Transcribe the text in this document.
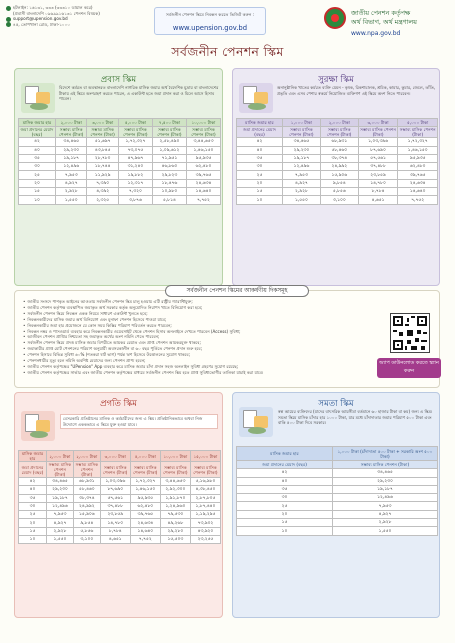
হটলাইন: ১৬১৩১, ৩৩৩ (৩৩৩১০ ডায়াল করে)
(প্রবাসী বাংলাদেশি ০৯৬৯৯১৬১৩১ পেনশন বিষয়ক)
support@upension.gov.bd
৪৫, তোপখানা রোড, ঢাকা-১০০০
সর্বজনীন পেনশন স্কিমে নিবন্ধন করতে ভিজিট করুন :
www.upension.gov.bd
জাতীয় পেনশন কর্তৃপক্ষ
অর্থ বিভাগ, অর্থ মন্ত্রণালয়
www.npa.gov.bd
সর্বজনীন পেনশন স্কিম
প্রবাস স্কিম
বিদেশে কর্মরত বা অবস্থানরত বাংলাদেশি নাগরিক মাসিক জমার অর্থ বৈদেশিক মুদ্রায় বা বাংলাদেশের টাকায় এই স্কিমে অংশগ্রহণ করতে পারেন, এ একাউন্ট হতে জমা প্রদান করা ও মিলে আসে হিসাব পাবেন।
মাসিক জমার হার	২,০০০ টাকা	৩,০০০ টাকা	৫,০০০ টাকা	৭,৫০০ টাকা	১০,০০০ টাকা
জমা প্রদানের মেয়াদ (বছর)	সম্ভাব্য মাসিক পেনশন (টাকা)	সম্ভাব্য মাসিক পেনশন (টাকা)	সম্ভাব্য মাসিক পেনশন (টাকা)	সম্ভাব্য মাসিক পেনশন (টাকা)	সম্ভাব্য মাসিক পেনশন (টাকা)
৪২	৩৪,৪৬৫	৫১,৬৯৭	১,৭২,৩২৭	২,৫৮,৪৯০	৩,৪৪,৬৫৩
৪০	২৯,২৩০	৪৩,৮৪৫	৭৩,০৭৫	১,০৯,৬১২	১,৪৬,১৫০
৩৫	১৯,১৮৭	২৮,৭৮০	৪৭,৯৬৭	৭১,৯৫১	৯৫,৯৩৫
৩০	১২,৪৯৬	১৮,৭৪৪	৩১,২৪০	৪৬,৮৬০	৬২,৪৮০
২৫	৭,৯৫৩	১১,৯২৯	১৯,৮৮২	২৯,৮২৩	৩৯,৭৬৫
২০	৪,৯২৭	৭,৩৯০	১২,৩১৭	১৮,৪৭৬	২৪,৬৩৪
১৫	২,৯২৮	৪,৩৯২	৭,৩২০	১০,৯৮০	১৪,৬৪০
১০	১,৫৫০	২,৩২৫	৩,৮৭৬	৫,৮১৪	৭,৭৫২
সুরক্ষা স্কিম
অনানুষ্ঠানিক খাতের কর্মরত ব্যক্তি যেমন - কৃষক, রিকশাচালক, শ্রমিক, কামার, কুমার, জেলে, তাঁতি, প্রভৃতি এবং এসব পেশার স্বকর্মে নিয়োজিত ব্যক্তিগণ এই স্কিমে অংশ নিতে পারবেন।
মাসিক জমার হার	১,০০০ টাকা	২,০০০ টাকা	৩,০০০ টাকা	৫,০০০ টাকা
জমা প্রদানের মেয়াদ (বছর)	সম্ভাব্য মাসিক পেনশন (টাকা)	সম্ভাব্য মাসিক পেনশন (টাকা)	সম্ভাব্য মাসিক পেনশন (টাকা)	সম্ভাব্য মাসিক পেনশন (টাকা)
৪২	৩৪,৪৬৫	৬৮,৯৩১	১,০৩,৩৯৬	১,৭২,৩২৭
৪০	২৯,২৩০	৫৮,৪৬০	৮৭,৬৯০	১,৪৬,১৫০
৩৫	১৯,১৮৭	৩৮,৩৭৪	৫৭,৫৬১	৯৫,৯৩৫
৩০	১২,৪৯৬	২৪,৯৯২	৩৭,৪৮৮	৬২,৪৮০
২৫	৭,৯৫৩	১৫,৯০৬	২৩,৮৫৯	৩৯,৭৬৫
২০	৪,৯২৭	৯,৮৫৪	১৪,৭৮০	২৪,৬৩৪
১৫	২,৯২৮	৫,৮৫৬	৮,৭৮৪	১৪,৬৪০
১০	১,৫৫০	৩,১০০	৪,৬৫১	৭,৭৫২
সর্বজনীন পেনশন স্কিমের আকর্ষণীয় দিকসমূহ
• জাতীয় সংসদে পাশকৃত আইনের আওতায় সর্বজনীন পেনশন স্কিম চালু হওয়ায় এটি রাষ্ট্রীয় গ্যারান্টিযুক্ত;
• জাতীয় পেনশন কর্তৃপক্ষ ব্যবস্থাপিত জমাকৃত অর্থ সরকার কর্তৃক অনুমোদিত নিরাপদ খাতে বিনিয়োগ করা হবে;
• সর্বজনীন পেনশন স্কিমে নিবন্ধন একক নিয়মে সাধারণ একাউন্ট খুলতে হবে;
• নিবন্ধনকারীদের মাসিক জমার অর্থ বিনিয়োগ এবং মুনাফা পেনশন হিসেবে পাওয়া যাবে;
• নিবন্ধনকারীর জমা হার প্রয়োজনে যে কোন সময় কিস্তির পরিমাণ পরিবর্তন করতে পারবেন;
• নিবন্ধন নম্বর ও পাসওয়ার্ড ব্যবহার করে নিবন্ধনকারীর ওয়েবসাইট থেকে পেনশন হিসাব অনলাইনে দেখতে পারবেন (Access) সুবিধা;
• আজীবন পেনশন প্রাপ্তির নিশ্চয়তা সহ জমাকৃত অর্থের অংশ নমিনি পেতে পারবেন;
• সর্বজনীন পেনশন স্কিমে প্রদত্ত মাসিক জমার বিপরীতে আয়কর রেয়াত এবং প্রাপ্ত পেনশন আয়করমুক্ত থাকবে;
• জমাকারীর প্রাপ্ত মোট পেনশনের পরিমাণ অনুযায়ী অবসরকালীন বা ৬০ বছর পূর্তিতে পেনশন প্রদান শুরু হবে;
• পেনশন হিসাবে বিভিন্ন সুবিধা ৬০% (শতকরা ষাট ভাগ) পর্যন্ত ঋণ হিসেবে উত্তোলনের সুযোগ থাকবে;
• পেনশনধারীর মৃত্যু হলে নমিনি অবশিষ্ট মেয়াদের জন্য পেনশন প্রাপ্য হবেন;
• জাতীয় পেনশন কর্তৃপক্ষের "UPension" App ব্যবহার করে মাসিক জমার চাঁদা প্রদান সহজ অনলাইন সুবিধা গ্রহণের সুযোগ রয়েছে;
• জাতীয় পেনশন কর্তৃপক্ষের সার্ভার এবং জাতীয় পেনশন কর্তৃপক্ষের মাধ্যমে সর্বজনীন পেনশন স্কিম হতে প্রাপ্ত সুবিধাভোগীর তালিকা যাচাই করা যাবে।
অ্যাপ ডাউনলোড করতে স্ক্যান করুন
প্রগতি স্কিম
বেসরকারি প্রতিষ্ঠানের মালিক ও কর্মচারীদের জন্য এ স্কিম। প্রতিষ্ঠানিকভাবে অথবা নিজ উদ্যোগে এককভাবে এ স্কিমে যুক্ত হওয়া যাবে।
মাসিক জমার হার	২,০০০ টাকা	২,০০০ টাকা	৩,০০০ টাকা	৫,০০০ টাকা	১০,০০০ টাকা	১৫,০০০ টাকা
জমা প্রদানের মেয়াদ (বছর)	সম্ভাব্য মাসিক পেনশন (টাকা)	সম্ভাব্য মাসিক পেনশন (টাকা)	সম্ভাব্য মাসিক পেনশন (টাকা)	সম্ভাব্য মাসিক পেনশন (টাকা)	সম্ভাব্য মাসিক পেনশন (টাকা)	সম্ভাব্য মাসিক পেনশন (টাকা)
৪২	৩৪,৪৬৫	৬৮,৯৩১	১,০৩,৩৯৬	১,৭২,৩২৭	৩,৪৪,৬৫৩	৫,১৬,৯৮০
৪০	২৯,২৩০	৫৮,৪৬০	৮৭,৬৯০	১,৪৬,১৫০	২,৯২,৩০০	৪,৩৮,৪৫০
৩৫	১৯,১৮৭	৩৮,৩৭৪	৫৭,৫৬১	৯৫,৯৩৫	১,৯১,৮৭০	২,৮৭,৮০৫
৩০	১২,৪৯৬	২৪,৯৯২	৩৭,৪৮৮	৬২,৪৮০	১,২৪,৯৬০	১,৮৭,৪৪০
২৫	৭,৯৫৩	১৫,৯০৬	২৩,৮৫৯	৩৯,৭৬৫	৭৯,৫৩০	১,১৯,২৯৫
২০	৪,৯২৭	৯,৮৫৪	১৪,৭৮০	২৪,৬৩৪	৪৯,২৬৮	৭৩,৯০২
১৫	২,৯২৮	৫,৮৫৬	৮,৭৮৪	১৪,৬৪০	২৯,২৮০	৪৩,৯২০
১০	১,৫৫০	৩,১০০	৪,৬৫১	৭,৭৫২	১৫,৫০৩	২৩,২৫৫
সমতা স্কিম
স্বল্প আয়ের ব্যক্তিদের (যাদের বাৎসরিক আয়সীমা বর্তমানে ৬০ হাজার টাকা বা কম) জন্য এ স্কিম। সমতা স্কিমে মাসিক চাঁদার হার ১০০০ টাকা, যার মধ্যে চাঁদাদাতার জমার পরিমাণ ৫০০ টাকা এবং বাকি ৫০০ টাকা দিবে সরকার।
মাসিক জমার হার	১,০০০ টাকা (চাঁদাদাতা ৫০০ টাকা + সরকারি অংশ ৫০০ টাকা)
জমা প্রদানের মেয়াদ (বছর)	সম্ভাব্য মাসিক পেনশন (টাকা)
৪২	৩৪,৪৬৫
৪০	২৯,২৩০
৩৫	১৯,১৮৭
৩০	১২,৪৯৬
২৫	৭,৯৫৩
২০	৪,৯২৭
১৫	২,৯২৮
১০	১,৫৫০
